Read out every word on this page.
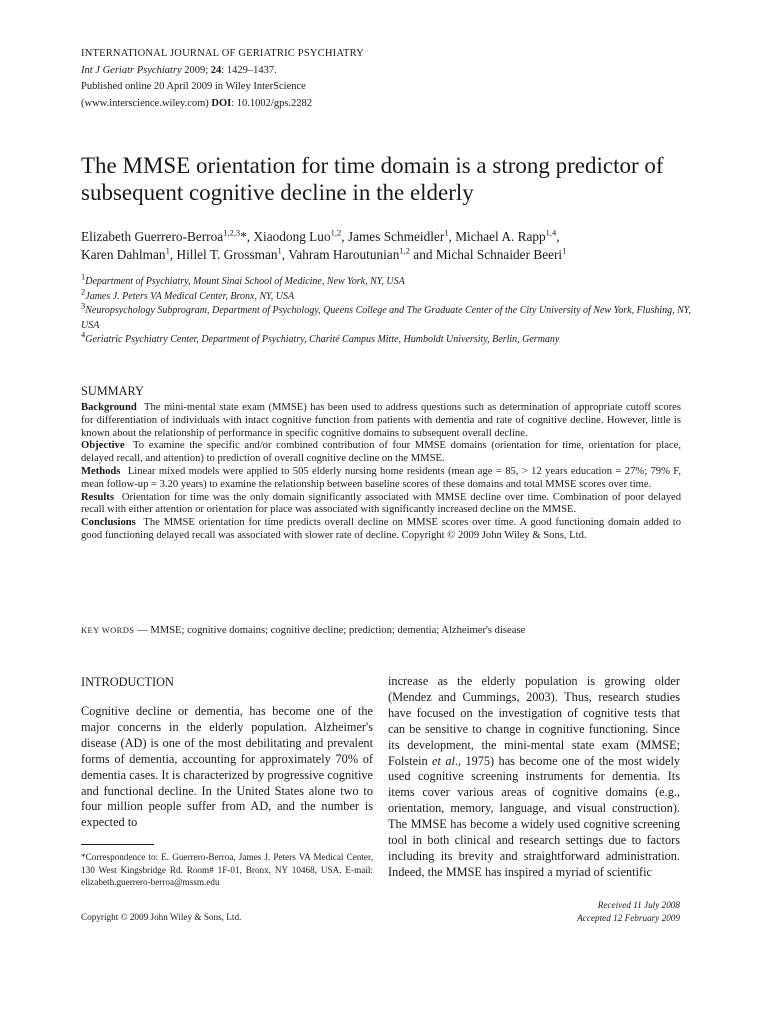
INTERNATIONAL JOURNAL OF GERIATRIC PSYCHIATRY
Int J Geriatr Psychiatry 2009; 24: 1429–1437.
Published online 20 April 2009 in Wiley InterScience
(www.interscience.wiley.com) DOI: 10.1002/gps.2282
The MMSE orientation for time domain is a strong predictor of subsequent cognitive decline in the elderly
Elizabeth Guerrero-Berroa$^{1,2,3}$*, Xiaodong Luo$^{1,2}$, James Schmeidler$^1$, Michael A. Rapp$^{1,4}$,
Karen Dahlman$^1$, Hillel T. Grossman$^1$, Vahram Haroutunian$^{1,2}$ and Michal Schnaider Beeri$^1$
$^1$Department of Psychiatry, Mount Sinai School of Medicine, New York, NY, USA
$^2$James J. Peters VA Medical Center, Bronx, NY, USA
$^3$Neuropsychology Subprogram, Department of Psychology, Queens College and The Graduate Center of the City University of New York, Flushing, NY, USA
$^4$Geriatric Psychiatry Center, Department of Psychiatry, Charité Campus Mitte, Humboldt University, Berlin, Germany
SUMMARY

Background The mini-mental state exam (MMSE) has been used to address questions such as determination of appropriate cutoff scores for differentiation of individuals with intact cognitive function from patients with dementia and rate of cognitive decline. However, little is known about the relationship of performance in specific cognitive domains to subsequent overall decline.

Objective To examine the specific and/or combined contribution of four MMSE domains (orientation for time, orientation for place, delayed recall, and attention) to prediction of overall cognitive decline on the MMSE.

Methods Linear mixed models were applied to 505 elderly nursing home residents (mean age = 85, > 12 years education = 27%; 79% F, mean follow-up = 3.20 years) to examine the relationship between baseline scores of these domains and total MMSE scores over time.

Results Orientation for time was the only domain significantly associated with MMSE decline over time. Combination of poor delayed recall with either attention or orientation for place was associated with significantly increased decline on the MMSE.

Conclusions The MMSE orientation for time predicts overall decline on MMSE scores over time. A good functioning domain added to good functioning delayed recall was associated with slower rate of decline. Copyright © 2009 John Wiley & Sons, Ltd.

KEY WORDS — MMSE; cognitive domains; cognitive decline; prediction; dementia; Alzheimer's disease
INTRODUCTION

Cognitive decline or dementia, has become one of the major concerns in the elderly population. Alzheimer's disease (AD) is one of the most debilitating and prevalent forms of dementia, accounting for approximately 70% of dementia cases. It is characterized by progressive cognitive and functional decline. In the United States alone two to four million people suffer from AD, and the number is expected to

increase as the elderly population is growing older (Mendez and Cummings, 2003). Thus, research studies have focused on the investigation of cognitive tests that can be sensitive to change in cognitive functioning. Since its development, the mini-mental state exam (MMSE; Folstein et al., 1975) has become one of the most widely used cognitive screening instruments for dementia. Its items cover various areas of cognitive domains (e.g., orientation, memory, language, and visual construction). The MMSE has become a widely used cognitive screening tool in both clinical and research settings due to factors including its brevity and straightforward administration. Indeed, the MMSE has inspired a myriad of scientific

*Correspondence to: E. Guerrero-Berroa, James J. Peters VA Medical Center, 130 West Kingsbridge Rd. Room# 1F-01, Bronx, NY 10468, USA. E-mail: elizabeth.guerrero-berroa@mssm.edu
Received 11 July 2008
Accepted 12 February 2009
Copyright © 2009 John Wiley & Sons, Ltd.
